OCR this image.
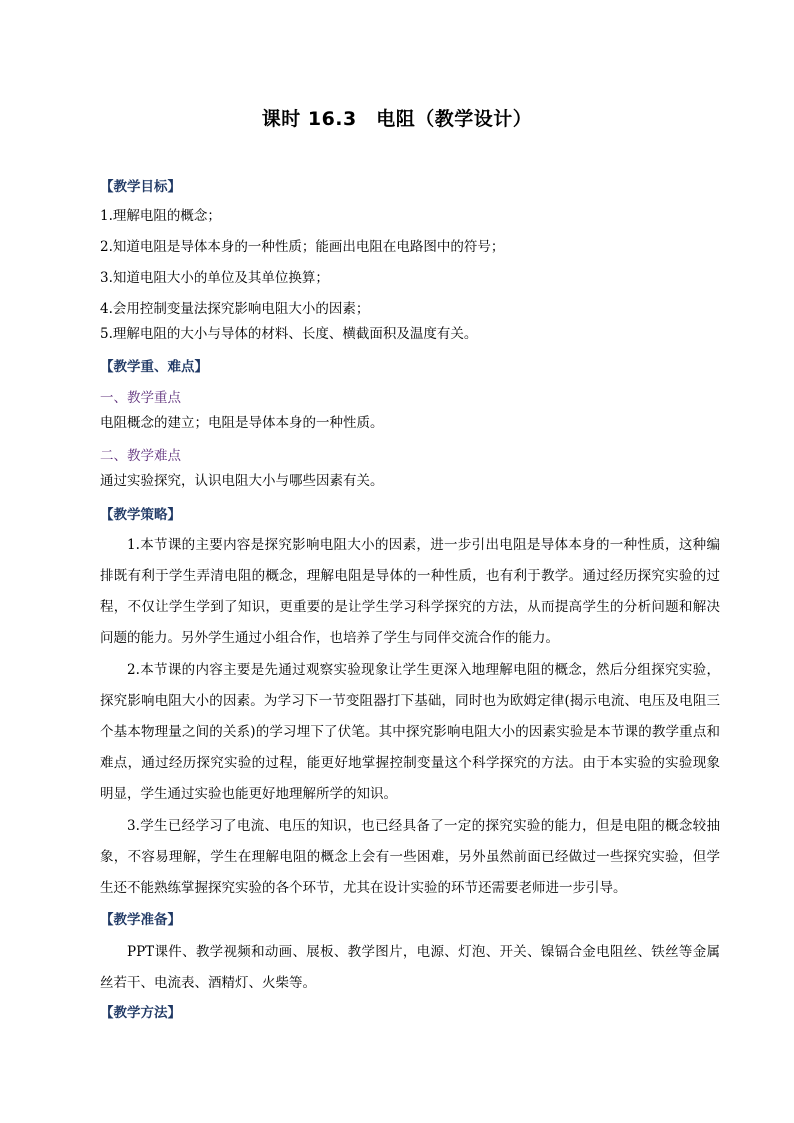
课时 16.3　电阻（教学设计）
【教学目标】
1.理解电阻的概念；
2.知道电阻是导体本身的一种性质；能画出电阻在电路图中的符号；
3.知道电阻大小的单位及其单位换算；
4.会用控制变量法探究影响电阻大小的因素；
5.理解电阻的大小与导体的材料、长度、横截面积及温度有关。
【教学重、难点】
一、教学重点
电阻概念的建立；电阻是导体本身的一种性质。
二、教学难点
通过实验探究，认识电阻大小与哪些因素有关。
【教学策略】
1.本节课的主要内容是探究影响电阻大小的因素，进一步引出电阻是导体本身的一种性质，这种编排既有利于学生弄清电阻的概念，理解电阻是导体的一种性质，也有利于教学。通过经历探究实验的过程，不仅让学生学到了知识，更重要的是让学生学习科学探究的方法，从而提高学生的分析问题和解决问题的能力。另外学生通过小组合作，也培养了学生与同伴交流合作的能力。
2.本节课的内容主要是先通过观察实验现象让学生更深入地理解电阻的概念，然后分组探究实验，探究影响电阻大小的因素。为学习下一节变阻器打下基础，同时也为欧姆定律(揭示电流、电压及电阻三个基本物理量之间的关系)的学习埋下了伏笔。其中探究影响电阻大小的因素实验是本节课的教学重点和难点，通过经历探究实验的过程，能更好地掌握控制变量这个科学探究的方法。由于本实验的实验现象明显，学生通过实验也能更好地理解所学的知识。
3.学生已经学习了电流、电压的知识，也已经具备了一定的探究实验的能力，但是电阻的概念较抽象，不容易理解，学生在理解电阻的概念上会有一些困难，另外虽然前面已经做过一些探究实验，但学生还不能熟练掌握探究实验的各个环节，尤其在设计实验的环节还需要老师进一步引导。
【教学准备】
PPT课件、教学视频和动画、展板、教学图片，电源、灯泡、开关、镍镉合金电阻丝、铁丝等金属丝若干、电流表、酒精灯、火柴等。
【教学方法】
